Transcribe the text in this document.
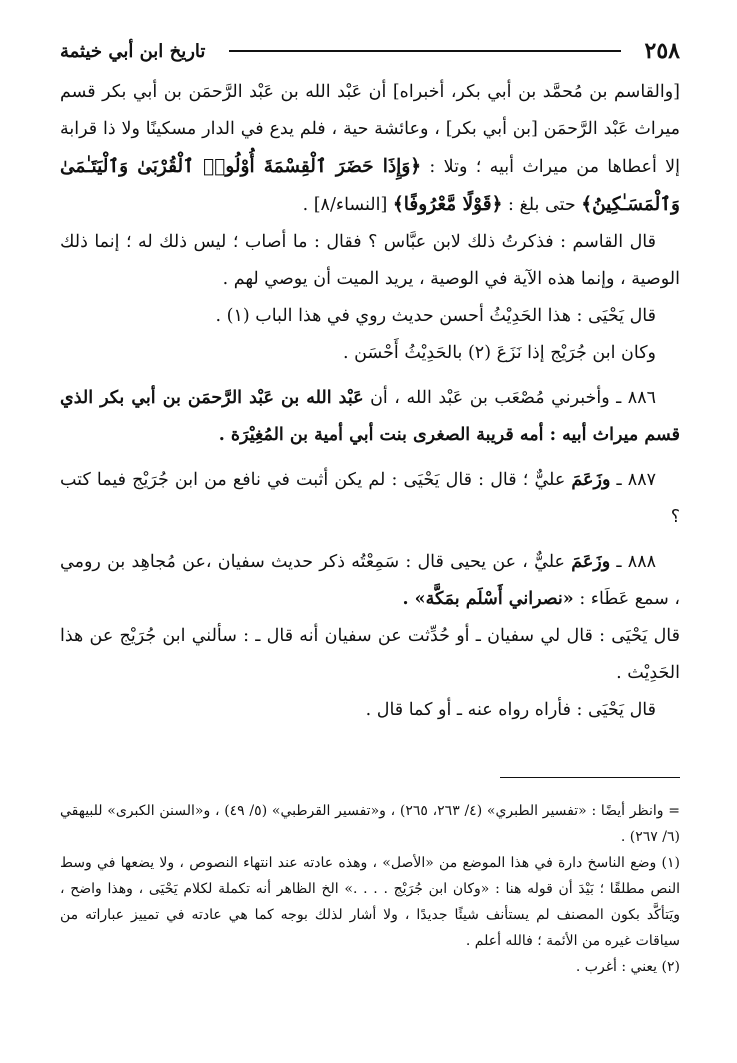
٢٥٨
تاريخ ابن أبي خيثمة

[والقاسم بن مُحمَّد بن أبي بكر، أخبراه] أن عَبْد الله بن عَبْد الرَّحمَن بن أبي بكر قسم ميراث عَبْد الرَّحمَن [بن أبي بكر] ، وعائشة حية ، فلم يدع في الدار مسكينًا ولا ذا قرابة إلا أعطاها من ميراث أبيه ؛ وتلا : ﴿وَإِذَا حَضَرَ ٱلْقِسْمَةَ أُوْلُوا۟ ٱلْقُرْبَىٰ وَٱلْيَتَـٰمَىٰ وَٱلْمَسَـٰكِينُ﴾ حتى بلغ : ﴿قَوْلًا مَّعْرُوفًا﴾ [النساء/٨] .

قال القاسم : فذكرتُ ذلك لابن عبَّاس ؟ فقال : ما أصاب ؛ ليس ذلك له ؛ إنما ذلك الوصية ، وإنما هذه الآية في الوصية ، يريد الميت أن يوصي لهم .

قال يَحْيَى : هذا الحَدِيْثُ أحسن حديث روي في هذا الباب (١) .

وكان ابن جُرَيْج إذا نَزَعَ (٢) بالحَدِيْثُ أَحْسَن .

٨٨٦ ـ وأخبرني مُصْعَب بن عَبْد الله ، أن عَبْد الله بن عَبْد الرَّحمَن بن أبي بكر الذي قسم ميراث أبيه : أمه قريبة الصغرى بنت أبي أمية بن المُغِيْرَة .

٨٨٧ ـ وزَعَمَ عليٌّ ؛ قال : قال يَحْيَى : لم يكن أثبت في نافع من ابن جُرَيْج فيما كتب ؟

٨٨٨ ـ وزَعَمَ عليٌّ ، عن يحيى قال : سَمِعْتُه ذكر حديث سفيان ،عن مُجاهِد بن رومي ، سمع عَطَاء : «نصراني أَسْلَم بمَكَّة» .

قال يَحْيَى : قال لي سفيان ـ أو حُدِّثت عن سفيان أنه قال ـ : سألني ابن جُرَيْج عن هذا الحَدِيْث .

قال يَحْيَى : فأراه رواه عنه ـ أو كما قال .

= وانظر أيضًا : «تفسير الطبري» (٤/ ٢٦٣، ٢٦٥) ، و«تفسير القرطبي» (٥/ ٤٩) ، و«السنن الكبرى» للبيهقي (٦/ ٢٦٧) .

(١) وضع الناسخ دارة في هذا الموضع من «الأصل» ، وهذه عادته عند انتهاء النصوص ، ولا يضعها في وسط النص مطلقًا ؛ بَيْدَ أن قوله هنا : «وكان ابن جُرَيْج . . . .» الخ الظاهر أنه تكملة لكلام يَحْيَى ، وهذا واضح ، ويَتأكَّد بكون المصنف لم يستأنف شيئًا جديدًا ، ولا أشار لذلك بوجه كما هي عادته في تمييز عباراته من سياقات غيره من الأئمة ؛ فالله أعلم .

(٢) يعني : أغرب .
